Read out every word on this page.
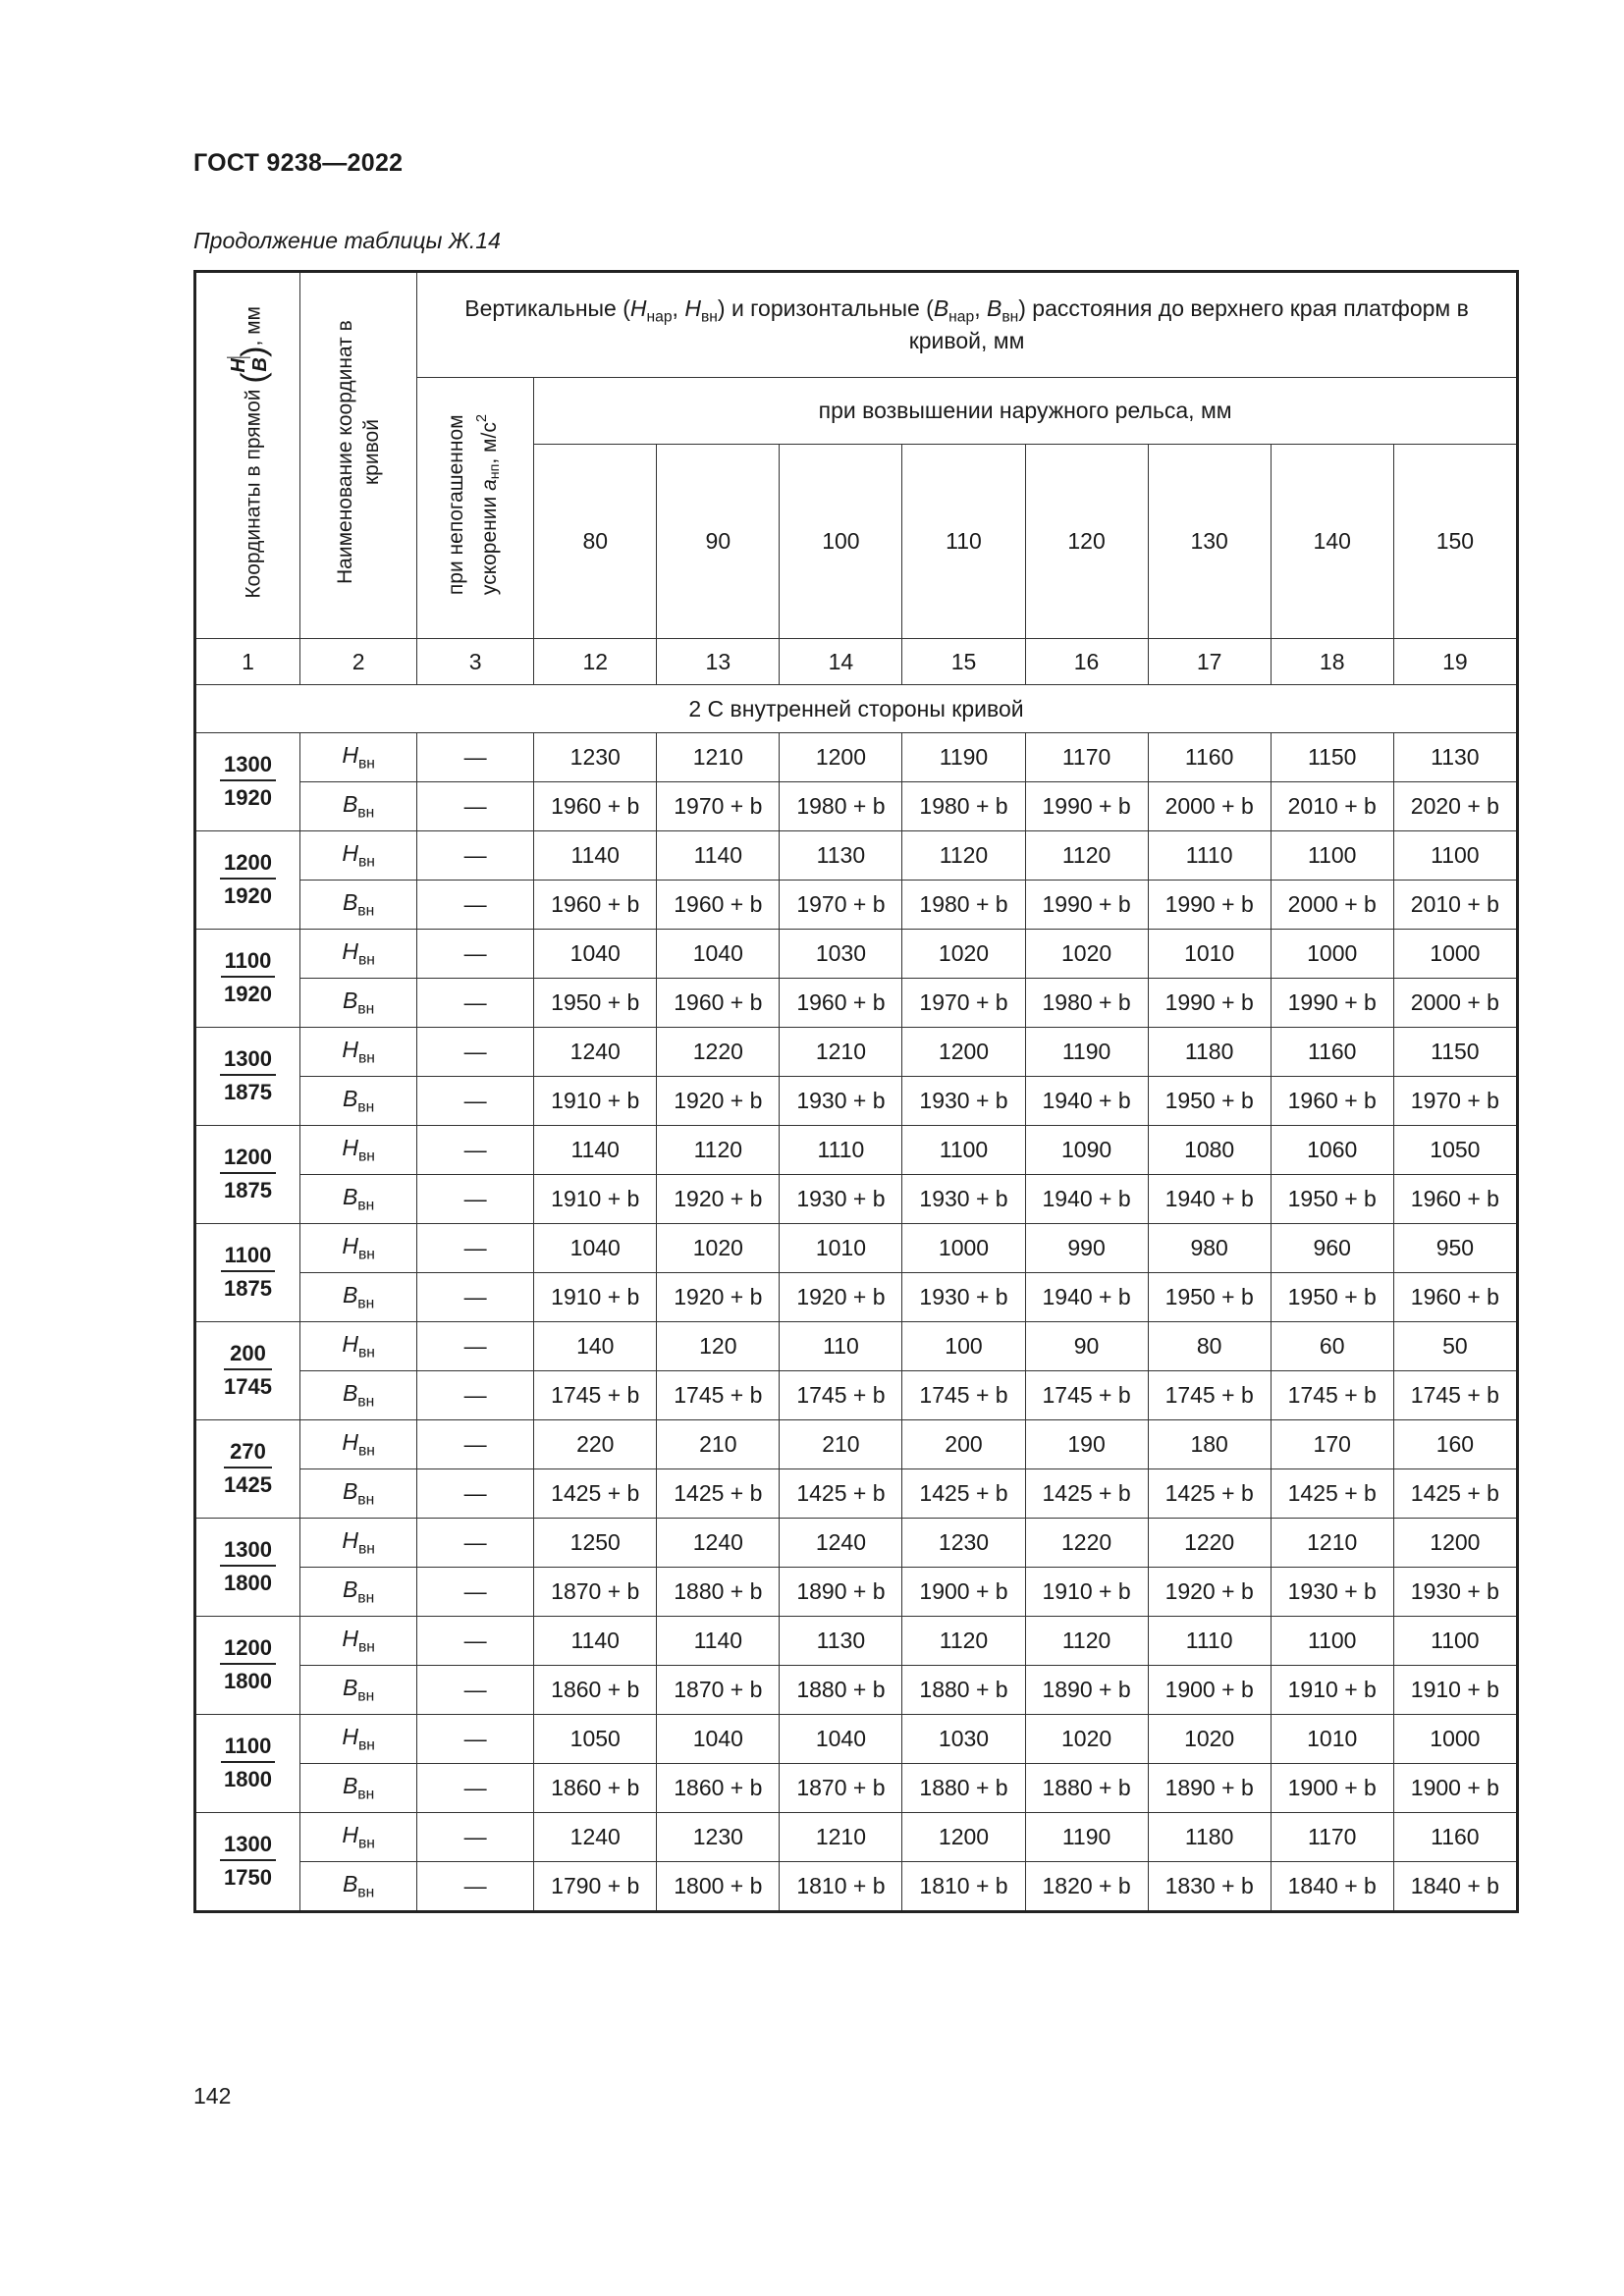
ГОСТ 9238—2022
Продолжение таблицы Ж.14
Координаты в прямой (
H B
), мм	Наименование координат в кривой	Вертикальные ($H_{нар}$, $H_{вн}$) и горизонтальные ($B_{нар}$, $B_{вн}$) расстояния до верхнего края платформ в кривой, мм								
		при непогашенном ускорении $a_{нп}$, $м/с^2$	при возвышении наружного рельса, мм							
			80	90	100	110	120	130	140	150
1	2	3	12	13	14	15	16	17	18	19
2 С внутренней стороны кривой										

$\frac{1300}{1920}$	$H_{вн}$	—	1230	1210	1200	1190	1170	1160	1150	1130
	$B_{вн}$	—	1960 + b	1970 + b	1980 + b	1980 + b	1990 + b	2000 + b	2010 + b	2020 + b

$\frac{1200}{1920}$	$H_{вн}$	—	1140	1140	1130	1120	1120	1110	1100	1100
	$B_{вн}$	—	1960 + b	1960 + b	1970 + b	1980 + b	1990 + b	1990 + b	2000 + b	2010 + b

$\frac{1100}{1920}$	$H_{вн}$	—	1040	1040	1030	1020	1020	1010	1000	1000
	$B_{вн}$	—	1950 + b	1960 + b	1960 + b	1970 + b	1980 + b	1990 + b	1990 + b	2000 + b

$\frac{1300}{1875}$	$H_{вн}$	—	1240	1220	1210	1200	1190	1180	1160	1150
	$B_{вн}$	—	1910 + b	1920 + b	1930 + b	1930 + b	1940 + b	1950 + b	1960 + b	1970 + b

$\frac{1200}{1875}$	$H_{вн}$	—	1140	1120	1110	1100	1090	1080	1060	1050
	$B_{вн}$	—	1910 + b	1920 + b	1930 + b	1930 + b	1940 + b	1940 + b	1950 + b	1960 + b

$\frac{1100}{1875}$	$H_{вн}$	—	1040	1020	1010	1000	990	980	960	950
	$B_{вн}$	—	1910 + b	1920 + b	1920 + b	1930 + b	1940 + b	1950 + b	1950 + b	1960 + b

$\frac{200}{1745}$	$H_{вн}$	—	140	120	110	100	90	80	60	50
	$B_{вн}$	—	1745 + b	1745 + b	1745 + b	1745 + b	1745 + b	1745 + b	1745 + b	1745 + b

$\frac{270}{1425}$	$H_{вн}$	—	220	210	210	200	190	180	170	160
	$B_{вн}$	—	1425 + b	1425 + b	1425 + b	1425 + b	1425 + b	1425 + b	1425 + b	1425 + b

$\frac{1300}{1800}$	$H_{вн}$	—	1250	1240	1240	1230	1220	1220	1210	1200
	$B_{вн}$	—	1870 + b	1880 + b	1890 + b	1900 + b	1910 + b	1920 + b	1930 + b	1930 + b

$\frac{1200}{1800}$	$H_{вн}$	—	1140	1140	1130	1120	1120	1110	1100	1100
	$B_{вн}$	—	1860 + b	1870 + b	1880 + b	1880 + b	1890 + b	1900 + b	1910 + b	1910 + b

$\frac{1100}{1800}$	$H_{вн}$	—	1050	1040	1040	1030	1020	1020	1010	1000
	$B_{вн}$	—	1860 + b	1860 + b	1870 + b	1880 + b	1880 + b	1890 + b	1900 + b	1900 + b

$\frac{1300}{1750}$	$H_{вн}$	—	1240	1230	1210	1200	1190	1180	1170	1160
	$B_{вн}$	—	1790 + b	1800 + b	1810 + b	1810 + b	1820 + b	1830 + b	1840 + b	1840 + b
142
